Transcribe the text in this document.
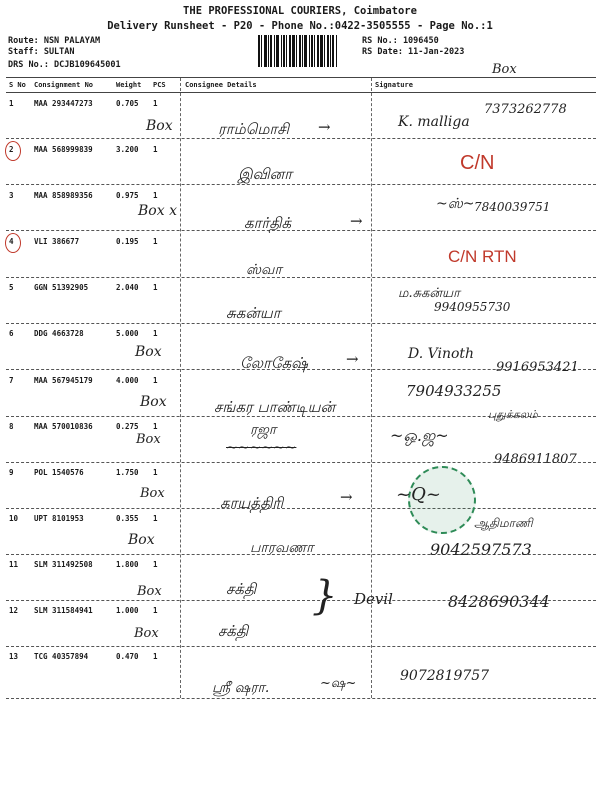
THE PROFESSIONAL COURIERS, Coimbatore
Delivery Runsheet - P20 - Phone No.:0422-3505555 - Page No.:1
Route: NSN PALAYAM
Staff: SULTAN
DRS No.: DCJB109645001
RS No.: 1096450
RS Date: 11-Jan-2023
Box
S No Consignment No	Weight PCS	Consignee Details	Signature
1	MAA 293447273	0.705 1
Box	ராம்மொசி →	K. malliga
7373262778
2	MAA 568999839	3.200 1
இவினா	C/N
3	MAA 858989356	0.975 1
Box x
கார்திக்	→
~ஸ்~ 7840039751
4	VLI 386677	0.195 1
ஸ்வா
C/N RTN
5	GGN 51392905	2.040 1
சுகன்யா
ம.சுகன்யா
9940955730
6	DDG 4663728	5.000 1
Box
லோகேஷ்	→	D. Vinoth
9916953421
7	MAA 567945179	4.000 1
Box	சங்கர பாண்டியன்
7904933255
8	MAA 570010836	0.275 1
Box
ரஜா
~~~~~~
~ஒ.ஜ~
புதுக்கலம்
9486911807
9	POL 1540576	1.750 1
Box
காயத்திரி	→ ~Q~
10 UPT 8101953	0.355 1
Box	பாரவணா
ஆதிமாணி
9042597573
11 SLM 311492508	1.800 1
Box	சக்தி } Devil	8428690344
12 SLM 311584941	1.000 1
Box	சக்தி
13 TCG 40357894	0.470 1
ஸ்ரீ ஷரா.	~ஷ~	9072819757
